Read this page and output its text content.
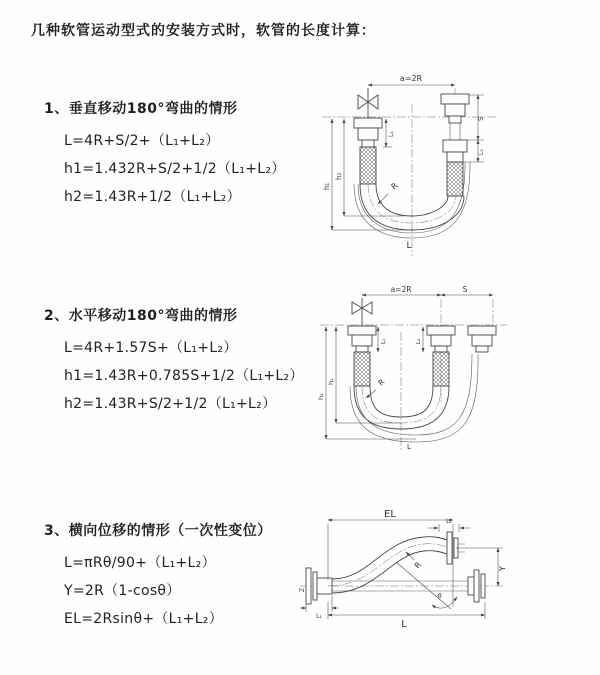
几种软管运动型式的安装方式时，软管的长度计算：
1、垂直移动180°弯曲的情形
L=4R+S/2+（L₁+L₂）
h1=1.432R+S/2+1/2（L₁+L₂）
h2=1.43R+1/2（L₁+L₂）
a=2R
h₁
h₂
L₁
S
L₂
R
L
2、水平移动180°弯曲的情形
L=4R+1.57S+（L₁+L₂）
h1=1.43R+0.785S+1/2（L₁+L₂）
h2=1.43R+S/2+1/2（L₁+L₂）
a=2R	S
h₁
h₂
L₁	L₂
R
L
3、横向位移的情形（一次性变位）
L=πRθ/90+（L₁+L₂）
Y=2R（1-cosθ）
EL=2Rsinθ+（L₁+L₂）
EL
L₂
Y
R
θ
L₁
Z
L
